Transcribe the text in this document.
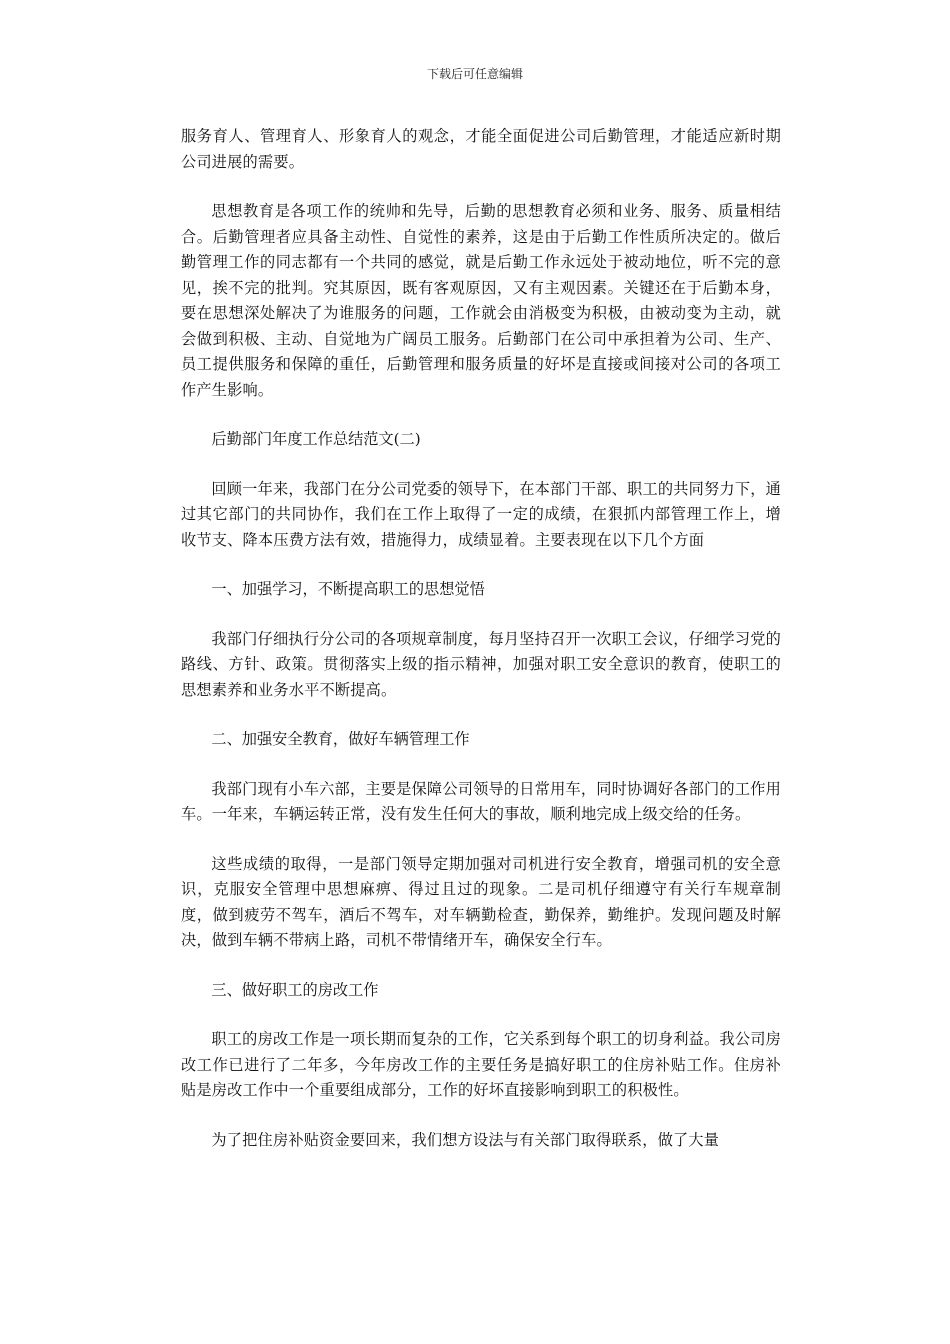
下载后可任意编辑

服务育人、管理育人、形象育人的观念，才能全面促进公司后勤管理，才能适应新时期公司进展的需要。

思想教育是各项工作的统帅和先导，后勤的思想教育必须和业务、服务、质量相结合。后勤管理者应具备主动性、自觉性的素养，这是由于后勤工作性质所决定的。做后勤管理工作的同志都有一个共同的感觉，就是后勤工作永远处于被动地位，听不完的意见，挨不完的批判。究其原因，既有客观原因，又有主观因素。关键还在于后勤本身，要在思想深处解决了为谁服务的问题，工作就会由消极变为积极，由被动变为主动，就会做到积极、主动、自觉地为广阔员工服务。后勤部门在公司中承担着为公司、生产、员工提供服务和保障的重任，后勤管理和服务质量的好坏是直接或间接对公司的各项工作产生影响。

后勤部门年度工作总结范文(二)

回顾一年来，我部门在分公司党委的领导下，在本部门干部、职工的共同努力下，通过其它部门的共同协作，我们在工作上取得了一定的成绩，在狠抓内部管理工作上，增收节支、降本压费方法有效，措施得力，成绩显着。主要表现在以下几个方面

一、加强学习，不断提高职工的思想觉悟

我部门仔细执行分公司的各项规章制度，每月坚持召开一次职工会议，仔细学习党的路线、方针、政策。贯彻落实上级的指示精神，加强对职工安全意识的教育，使职工的思想素养和业务水平不断提高。

二、加强安全教育，做好车辆管理工作

我部门现有小车六部，主要是保障公司领导的日常用车，同时协调好各部门的工作用车。一年来，车辆运转正常，没有发生任何大的事故，顺利地完成上级交给的任务。

这些成绩的取得，一是部门领导定期加强对司机进行安全教育，增强司机的安全意识，克服安全管理中思想麻痹、得过且过的现象。二是司机仔细遵守有关行车规章制度，做到疲劳不驾车，酒后不驾车，对车辆勤检查，勤保养，勤维护。发现问题及时解决，做到车辆不带病上路，司机不带情绪开车，确保安全行车。

三、做好职工的房改工作

职工的房改工作是一项长期而复杂的工作，它关系到每个职工的切身利益。我公司房改工作已进行了二年多，今年房改工作的主要任务是搞好职工的住房补贴工作。住房补贴是房改工作中一个重要组成部分，工作的好坏直接影响到职工的积极性。

为了把住房补贴资金要回来，我们想方设法与有关部门取得联系，做了大量
